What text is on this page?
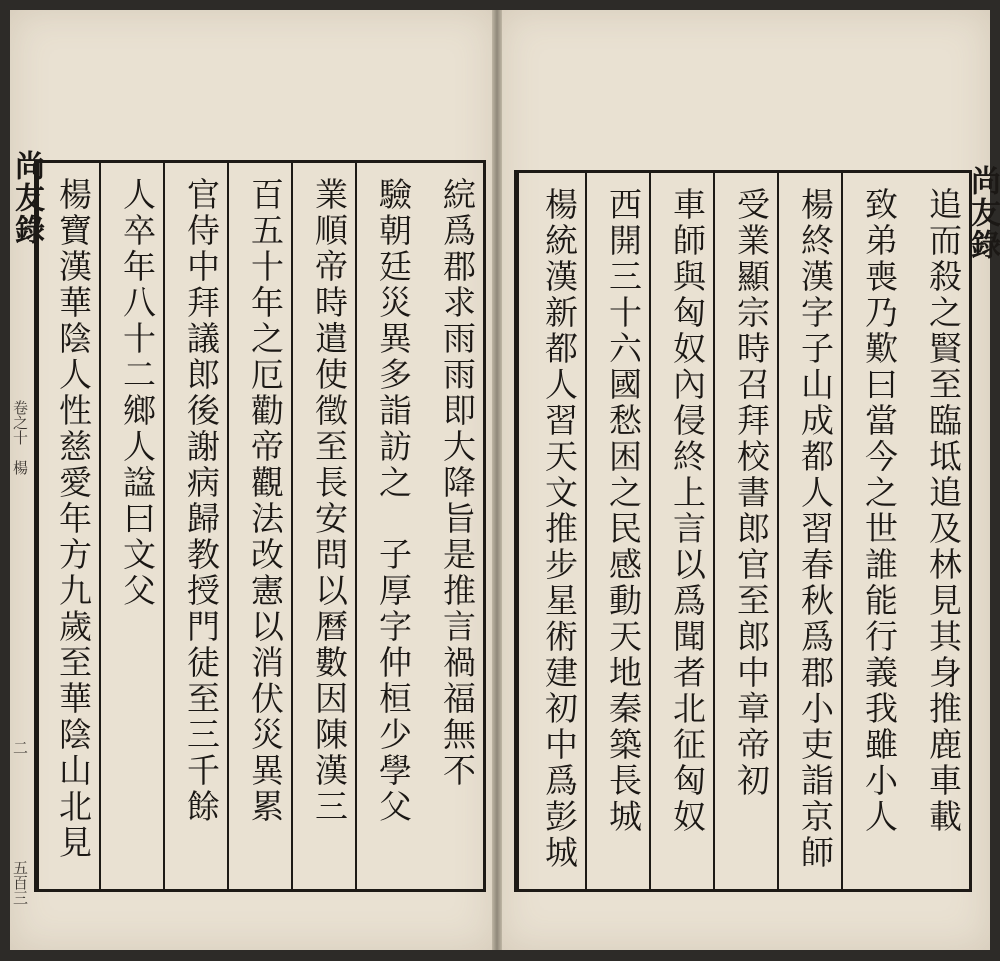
尚友錄
卷之十
楊
二
五百三
尚友錄
綄爲郡求雨雨即大降旨是推言禍福無不
驗朝廷災異多詣訪之　子厚字仲桓少學父
業順帝時遣使徵至長安問以曆數因陳漢三
百五十年之厄勸帝觀法改憲以消伏災異累
官侍中拜議郎後謝病歸教授門徒至三千餘
人卒年八十二鄉人諡曰文父
楊寶漢華陰人性慈愛年方九歲至華陰山北見	追而殺之賢至臨坻追及林見其身推鹿車載
致弟喪乃歎曰當今之世誰能行義我雖小人
楊終漢字子山成都人習春秋爲郡小吏詣京師
受業顯宗時召拜校書郎官至郎中章帝初
車師與匈奴內侵終上言以爲聞者北征匈奴
西開三十六國愁困之民感動天地秦築長城
楊統漢新都人習天文推步星術建初中爲彭城
